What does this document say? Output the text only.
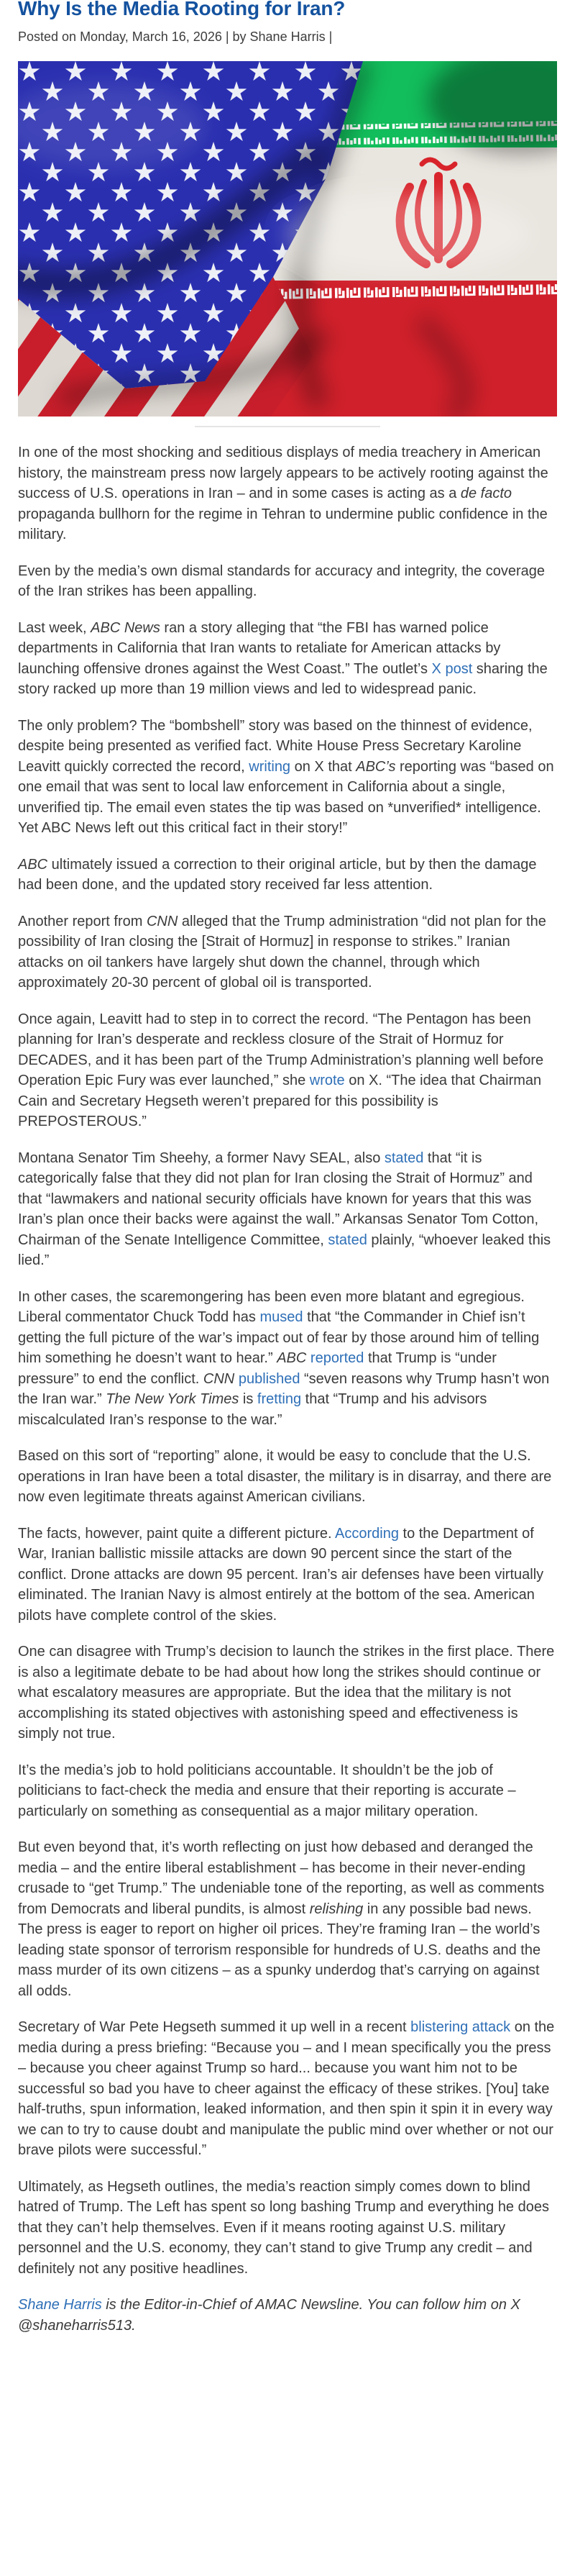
Why Is the Media Rooting for Iran?
Posted on Monday, March 16, 2026 | by Shane Harris |

In one of the most shocking and seditious displays of media treachery in American history, the mainstream press now largely appears to be actively rooting against the success of U.S. operations in Iran – and in some cases is acting as a de facto propaganda bullhorn for the regime in Tehran to undermine public confidence in the military.

Even by the media’s own dismal standards for accuracy and integrity, the coverage of the Iran strikes has been appalling.

Last week, ABC News ran a story alleging that “the FBI has warned police departments in California that Iran wants to retaliate for American attacks by launching offensive drones against the West Coast.” The outlet’s X post sharing the story racked up more than 19 million views and led to widespread panic.

The only problem? The “bombshell” story was based on the thinnest of evidence, despite being presented as verified fact. White House Press Secretary Karoline Leavitt quickly corrected the record, writing on X that ABC’s reporting was “based on one email that was sent to local law enforcement in California about a single, unverified tip. The email even states the tip was based on *unverified* intelligence. Yet ABC News left out this critical fact in their story!”

ABC ultimately issued a correction to their original article, but by then the damage had been done, and the updated story received far less attention.

Another report from CNN alleged that the Trump administration “did not plan for the possibility of Iran closing the [Strait of Hormuz] in response to strikes.” Iranian attacks on oil tankers have largely shut down the channel, through which approximately 20-30 percent of global oil is transported.

Once again, Leavitt had to step in to correct the record. “The Pentagon has been planning for Iran’s desperate and reckless closure of the Strait of Hormuz for DECADES, and it has been part of the Trump Administration’s planning well before Operation Epic Fury was ever launched,” she wrote on X. “The idea that Chairman Cain and Secretary Hegseth weren’t prepared for this possibility is PREPOSTEROUS.”

Montana Senator Tim Sheehy, a former Navy SEAL, also stated that “it is categorically false that they did not plan for Iran closing the Strait of Hormuz” and that “lawmakers and national security officials have known for years that this was Iran’s plan once their backs were against the wall.” Arkansas Senator Tom Cotton, Chairman of the Senate Intelligence Committee, stated plainly, “whoever leaked this lied.”

In other cases, the scaremongering has been even more blatant and egregious. Liberal commentator Chuck Todd has mused that “the Commander in Chief isn’t getting the full picture of the war’s impact out of fear by those around him of telling him something he doesn’t want to hear.” ABC reported that Trump is “under pressure” to end the conflict. CNN published “seven reasons why Trump hasn’t won the Iran war.” The New York Times is fretting that “Trump and his advisors miscalculated Iran’s response to the war.”

Based on this sort of “reporting” alone, it would be easy to conclude that the U.S. operations in Iran have been a total disaster, the military is in disarray, and there are now even legitimate threats against American civilians.

The facts, however, paint quite a different picture. According to the Department of War, Iranian ballistic missile attacks are down 90 percent since the start of the conflict. Drone attacks are down 95 percent. Iran’s air defenses have been virtually eliminated. The Iranian Navy is almost entirely at the bottom of the sea. American pilots have complete control of the skies.

One can disagree with Trump’s decision to launch the strikes in the first place. There is also a legitimate debate to be had about how long the strikes should continue or what escalatory measures are appropriate. But the idea that the military is not accomplishing its stated objectives with astonishing speed and effectiveness is simply not true.

It’s the media’s job to hold politicians accountable. It shouldn’t be the job of politicians to fact-check the media and ensure that their reporting is accurate – particularly on something as consequential as a major military operation.

But even beyond that, it’s worth reflecting on just how debased and deranged the media – and the entire liberal establishment – has become in their never-ending crusade to “get Trump.” The undeniable tone of the reporting, as well as comments from Democrats and liberal pundits, is almost relishing in any possible bad news. The press is eager to report on higher oil prices. They’re framing Iran – the world’s leading state sponsor of terrorism responsible for hundreds of U.S. deaths and the mass murder of its own citizens – as a spunky underdog that’s carrying on against all odds.

Secretary of War Pete Hegseth summed it up well in a recent blistering attack on the media during a press briefing: “Because you – and I mean specifically you the press – because you cheer against Trump so hard... because you want him not to be successful so bad you have to cheer against the efficacy of these strikes. [You] take half-truths, spun information, leaked information, and then spin it spin it in every way we can to try to cause doubt and manipulate the public mind over whether or not our brave pilots were successful.”

Ultimately, as Hegseth outlines, the media’s reaction simply comes down to blind hatred of Trump. The Left has spent so long bashing Trump and everything he does that they can’t help themselves. Even if it means rooting against U.S. military personnel and the U.S. economy, they can’t stand to give Trump any credit – and definitely not any positive headlines.

Shane Harris is the Editor-in-Chief of AMAC Newsline. You can follow him on X @shaneharris513.
